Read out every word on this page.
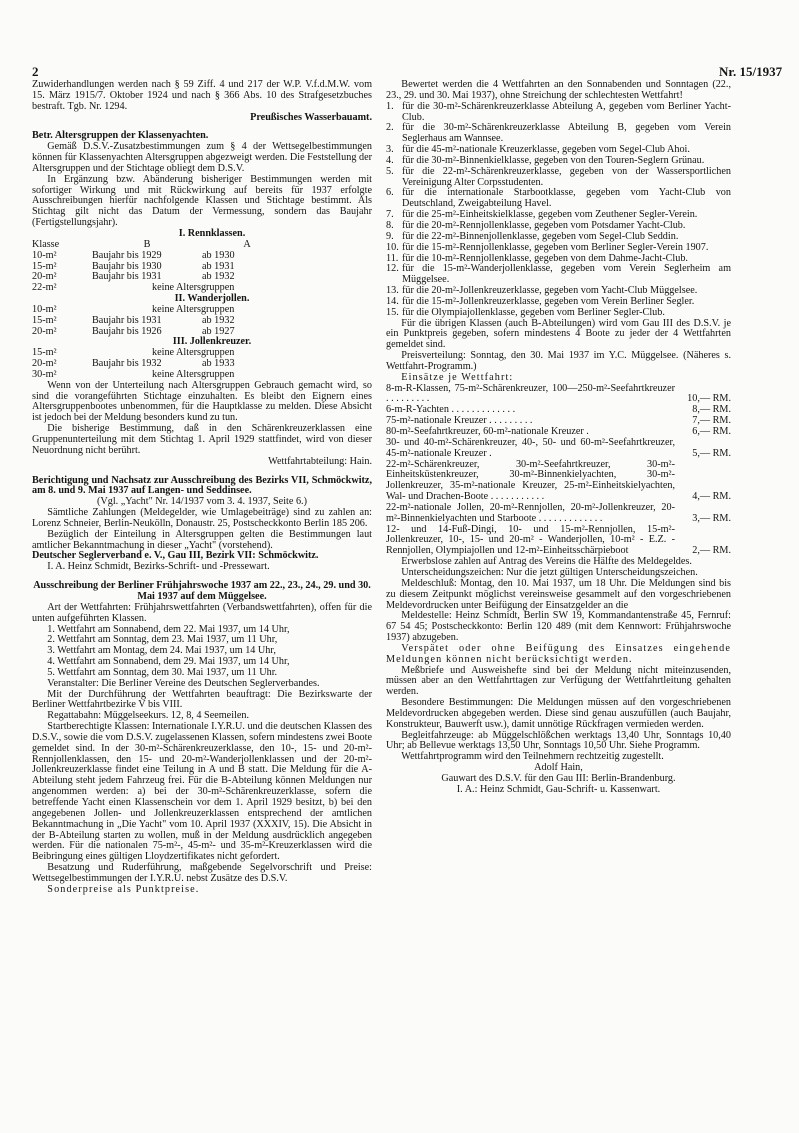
2	Nr. 15/1937

Zuwiderhandlungen werden nach § 59 Ziff. 4 und 217 der W.P. V.f.d.M.W. vom 15. März 1915/7. Oktober 1924 und nach § 366 Abs. 10 des Strafgesetzbuches bestraft. Tgb. Nr. 1294.

Preußisches Wasserbauamt.

Betr. Altersgruppen der Klassenyachten.

Gemäß D.S.V.-Zusatzbestimmungen zum § 4 der Wettsegelbestimmungen können für Klassenyachten Altersgruppen abgezweigt werden. Die Feststellung der Altersgruppen und der Stichtage obliegt dem D.S.V.

In Ergänzung bzw. Abänderung bisheriger Bestimmungen werden mit sofortiger Wirkung und mit Rückwirkung auf bereits für 1937 erfolgte Ausschreibungen hierfür nachfolgende Klassen und Stichtage bestimmt. Als Stichtag gilt nicht das Datum der Vermessung, sondern das Baujahr (Fertigstellungsjahr).

I. Rennklassen.
Klasse	B	A
10-m²	Baujahr bis 1929	ab 1930
15-m²	Baujahr bis 1930	ab 1931
20-m²	Baujahr bis 1931	ab 1932
22-m²	keine Altersgruppen
II. Wanderjollen.
10-m²	keine Altersgruppen
15-m²	Baujahr bis 1931	ab 1932
20-m²	Baujahr bis 1926	ab 1927
III. Jollenkreuzer.
15-m²	keine Altersgruppen
20-m²	Baujahr bis 1932	ab 1933
30-m²	keine Altersgruppen

Wenn von der Unterteilung nach Altersgruppen Gebrauch gemacht wird, so sind die vorangeführten Stichtage einzuhalten. Es bleibt den Eignern eines Altersgruppenbootes unbenommen, für die Hauptklasse zu melden. Diese Absicht ist jedoch bei der Meldung besonders kund zu tun.

Die bisherige Bestimmung, daß in den Schärenkreuzerklassen eine Gruppenunterteilung mit dem Stichtag 1. April 1929 stattfindet, wird von dieser Neuordnung nicht berührt.

Wettfahrtabteilung: Hain.

Berichtigung und Nachsatz zur Ausschreibung des Bezirks VII, Schmöckwitz, am 8. und 9. Mai 1937 auf Langen- und Seddinsee.

(Vgl. „Yacht" Nr. 14/1937 vom 3. 4. 1937, Seite 6.)

Sämtliche Zahlungen (Meldegelder, wie Umlagebeiträge) sind zu zahlen an: Lorenz Schneier, Berlin-Neukölln, Donaustr. 25, Postscheckkonto Berlin 185 206.

Bezüglich der Einteilung in Altersgruppen gelten die Bestimmungen laut amtlicher Bekanntmachung in dieser „Yacht" (vorstehend).

Deutscher Seglerverband e. V., Gau III, Bezirk VII: Schmöckwitz.

I. A. Heinz Schmidt, Bezirks-Schrift- und -Pressewart.

Ausschreibung der Berliner Frühjahrswoche 1937 am 22., 23., 24., 29. und 30. Mai 1937 auf dem Müggelsee.

Art der Wettfahrten: Frühjahrswettfahrten (Verbandswettfahrten), offen für die unten aufgeführten Klassen.

1. Wettfahrt am Sonnabend, dem 22. Mai 1937, um 14 Uhr,

2. Wettfahrt am Sonntag, dem 23. Mai 1937, um 11 Uhr,

3. Wettfahrt am Montag, dem 24. Mai 1937, um 14 Uhr,

4. Wettfahrt am Sonnabend, dem 29. Mai 1937, um 14 Uhr,

5. Wettfahrt am Sonntag, dem 30. Mai 1937, um 11 Uhr.

Veranstalter: Die Berliner Vereine des Deutschen Seglerverbandes.

Mit der Durchführung der Wettfahrten beauftragt: Die Bezirkswarte der Berliner Wettfahrtbezirke V bis VIII.

Regattabahn: Müggelseekurs. 12, 8, 4 Seemeilen.

Startberechtigte Klassen: Internationale I.Y.R.U. und die deutschen Klassen des D.S.V., sowie die vom D.S.V. zugelassenen Klassen, sofern mindestens zwei Boote gemeldet sind. In der 30-m²-Schärenkreuzerklasse, den 10-, 15- und 20-m²-Rennjollenklassen, den 15- und 20-m²-Wanderjollenklassen und der 20-m²-Jollenkreuzerklasse findet eine Teilung in A und B statt. Die Meldung für die A-Abteilung steht jedem Fahrzeug frei. Für die B-Abteilung können Meldungen nur angenommen werden: a) bei der 30-m²-Schärenkreuzerklasse, sofern die betreffende Yacht einen Klassenschein vor dem 1. April 1929 besitzt, b) bei den angegebenen Jollen- und Jollenkreuzerklassen entsprechend der amtlichen Bekanntmachung in „Die Yacht" vom 10. April 1937 (XXXIV, 15). Die Absicht in der B-Abteilung starten zu wollen, muß in der Meldung ausdrücklich angegeben werden. Für die nationalen 75-m²-, 45-m²- und 35-m²-Kreuzerklassen wird die Beibringung eines gültigen Lloydzertifikates nicht gefordert.

Besatzung und Ruderführung, maßgebende Segelvorschrift und Preise: Wettsegelbestimmungen der I.Y.R.U. nebst Zusätze des D.S.V.

Sonderpreise als Punktpreise.

Bewertet werden die 4 Wettfahrten an den Sonnabenden und Sonntagen (22., 23., 29. und 30. Mai 1937), ohne Streichung der schlechtesten Wettfahrt!

1. für die 30-m²-Schärenkreuzerklasse Abteilung A, gegeben vom Berliner Yacht-Club.
2. für die 30-m²-Schärenkreuzerklasse Abteilung B, gegeben vom Verein Seglerhaus am Wannsee.
3. für die 45-m²-nationale Kreuzerklasse, gegeben vom Segel-Club Ahoi.
4. für die 30-m²-Binnenkielklasse, gegeben von den Touren-Seglern Grünau.
5. für die 22-m²-Schärenkreuzerklasse, gegeben von der Wassersportlichen Vereinigung Alter Corpsstudenten.
6. für die internationale Starbootklasse, gegeben vom Yacht-Club von Deutschland, Zweigabteilung Havel.
7. für die 25-m²-Einheitskielklasse, gegeben vom Zeuthener Segler-Verein.
8. für die 20-m²-Rennjollenklasse, gegeben vom Potsdamer Yacht-Club.
9. für die 22-m²-Binnenjollenklasse, gegeben vom Segel-Club Seddin.
10. für die 15-m²-Rennjollenklasse, gegeben vom Berliner Segler-Verein 1907.
11. für die 10-m²-Rennjollenklasse, gegeben von dem Dahme-Jacht-Club.
12. für die 15-m²-Wanderjollenklasse, gegeben vom Verein Seglerheim am Müggelsee.
13. für die 20-m²-Jollenkreuzerklasse, gegeben vom Yacht-Club Müggelsee.
14. für die 15-m²-Jollenkreuzerklasse, gegeben vom Verein Berliner Segler.
15. für die Olympiajollenklasse, gegeben vom Berliner Segler-Club.

Für die übrigen Klassen (auch B-Abteilungen) wird vom Gau III des D.S.V. je ein Punktpreis gegeben, sofern mindestens 4 Boote zu jeder der 4 Wettfahrten gemeldet sind.

Preisverteilung: Sonntag, den 30. Mai 1937 im Y.C. Müggelsee. (Näheres s. Wettfahrt-Programm.)

Einsätze je Wettfahrt:

8-m-R-Klassen, 75-m²-Schärenkreuzer, 100—250-m²-Seefahrtkreuzer . . . . . . . . .	10,— RM.
6-m-R-Yachten . . . . . . . . . . . . .	8,— RM.
75-m²-nationale Kreuzer . . . . . . . . .	7,— RM.
80-m²-Seefahrtkreuzer, 60-m²-nationale Kreuzer .	6,— RM.
30- und 40-m²-Schärenkreuzer, 40-, 50- und 60-m²-Seefahrtkreuzer, 45-m²-nationale Kreuzer .	5,— RM.
22-m²-Schärenkreuzer, 30-m²-Seefahrtkreuzer, 30-m²-Einheitsküstenkreuzer, 30-m²-Binnenkielyachten, 30-m²-Jollenkreuzer, 35-m²-nationale Kreuzer, 25-m²-Einheitskielyachten, Wal- und Drachen-Boote . . . . . . . . . . .	4,— RM.
22-m²-nationale Jollen, 20-m²-Rennjollen, 20-m²-Jollenkreuzer, 20-m²-Binnenkielyachten und Starboote . . . . . . . . . . . . .	3,— RM.
12- und 14-Fuß-Dingi, 10- und 15-m²-Rennjollen, 15-m²-Jollenkreuzer, 10-, 15- und 20-m² - Wanderjollen, 10-m² - E.Z. - Rennjollen, Olympiajollen und 12-m²-Einheitsschärpieboot	2,— RM.

Erwerbslose zahlen auf Antrag des Vereins die Hälfte des Meldegeldes.

Unterscheidungszeichen: Nur die jetzt gültigen Unterscheidungszeichen.

Meldeschluß: Montag, den 10. Mai 1937, um 18 Uhr. Die Meldungen sind bis zu diesem Zeitpunkt möglichst vereinsweise gesammelt auf den vorgeschriebenen Meldevordrucken unter Beifügung der Einsatzgelder an die

Meldestelle: Heinz Schmidt, Berlin SW 19, Kommandantenstraße 45, Fernruf: 67 54 45; Postscheckkonto: Berlin 120 489 (mit dem Kennwort: Frühjahrswoche 1937) abzugeben.

Verspätet oder ohne Beifügung des Einsatzes eingehende Meldungen können nicht berücksichtigt werden.

Meßbriefe und Ausweishefte sind bei der Meldung nicht miteinzusenden, müssen aber an den Wettfahrttagen zur Verfügung der Wettfahrtleitung gehalten werden.

Besondere Bestimmungen: Die Meldungen müssen auf den vorgeschriebenen Meldevordrucken abgegeben werden. Diese sind genau auszufüllen (auch Baujahr, Konstrukteur, Bauwerft usw.), damit unnötige Rückfragen vermieden werden.

Begleitfahrzeuge: ab Müggelschlößchen werktags 13,40 Uhr, Sonntags 10,40 Uhr; ab Bellevue werktags 13,50 Uhr, Sonntags 10,50 Uhr. Siehe Programm.

Wettfahrtprogramm wird den Teilnehmern rechtzeitig zugestellt.

Adolf Hain,

Gauwart des D.S.V. für den Gau III: Berlin-Brandenburg.

I. A.: Heinz Schmidt, Gau-Schrift- u. Kassenwart.
